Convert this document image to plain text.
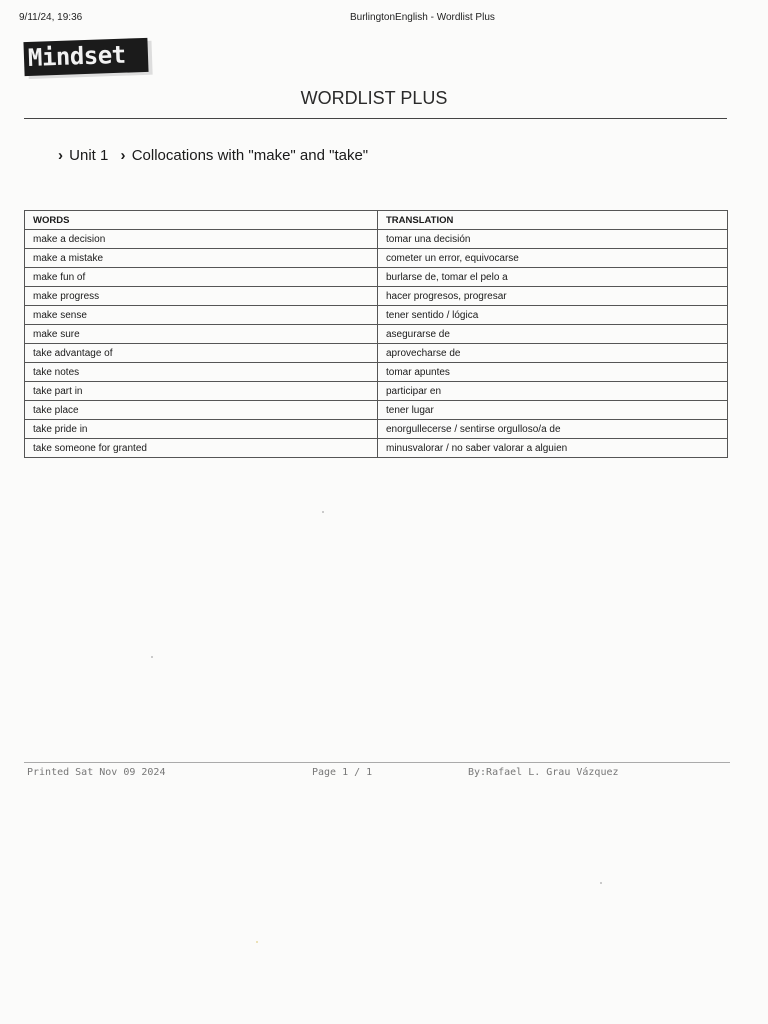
9/11/24, 19:36	BurlingtonEnglish - Wordlist Plus
Mindset
WORDLIST PLUS
› Unit 1 › Collocations with "make" and "take"
WORDS	TRANSLATION
make a decision	tomar una decisión
make a mistake	cometer un error, equivocarse
make fun of	burlarse de, tomar el pelo a
make progress	hacer progresos, progresar
make sense	tener sentido / lógica
make sure	asegurarse de
take advantage of	aprovecharse de
take notes	tomar apuntes
take part in	participar en
take place	tener lugar
take pride in	enorgullecerse / sentirse orgulloso/a de
take someone for granted	minusvalorar / no saber valorar a alguien
Printed Sat Nov 09 2024	Page 1 / 1	By:Rafael L. Grau Vázquez
